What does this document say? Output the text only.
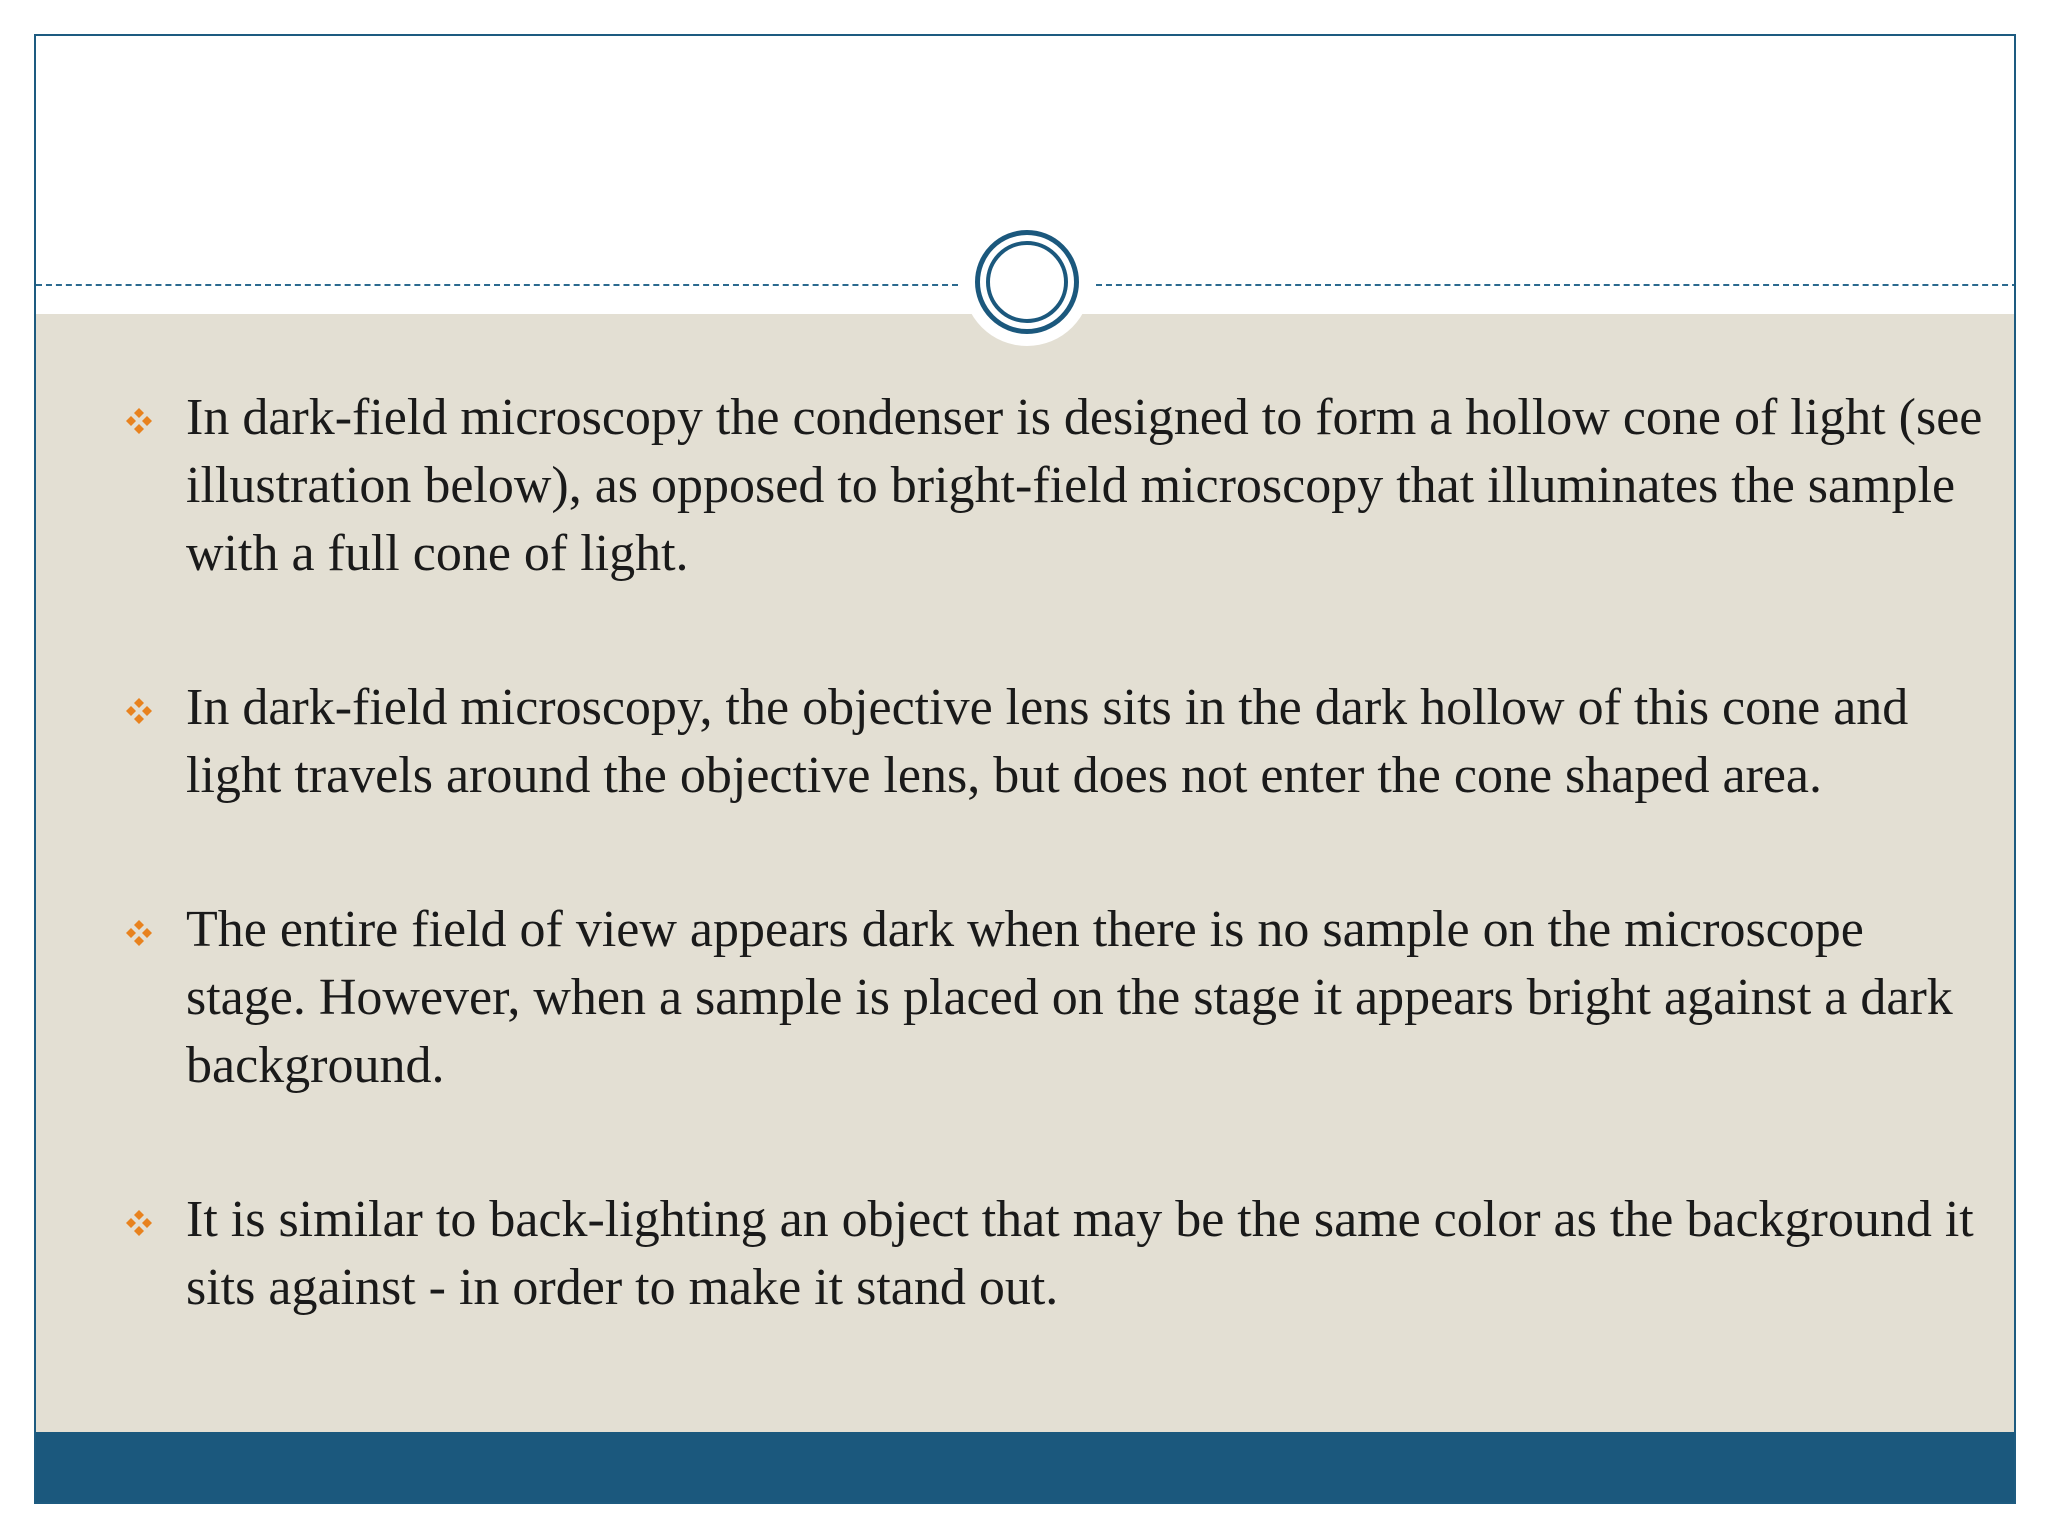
In dark-field microscopy the condenser is designed to form a hollow cone of light (see illustration below), as opposed to bright-field microscopy that illuminates the sample with a full cone of light.
In dark-field microscopy, the objective lens sits in the dark hollow of this cone and light travels around the objective lens, but does not enter the cone shaped area.
The entire field of view appears dark when there is no sample on the microscope stage. However, when a sample is placed on the stage it appears bright against a dark background.
It is similar to back-lighting an object that may be the same color as the background it sits against - in order to make it stand out.
